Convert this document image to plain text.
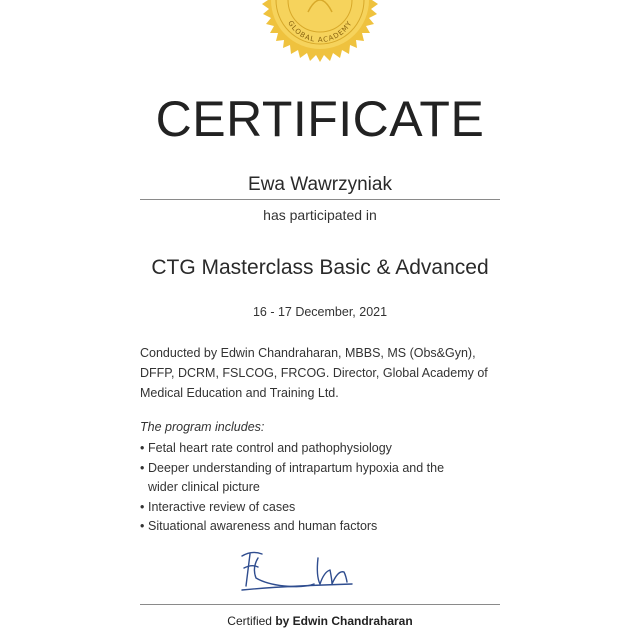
GLOBAL ACADEMY
CERTIFICATE
Ewa Wawrzyniak
has participated in
CTG Masterclass Basic & Advanced
16 - 17 December, 2021
Conducted by Edwin Chandraharan, MBBS, MS (Obs&Gyn), DFFP, DCRM, FSLCOG, FRCOG. Director, Global Academy of Medical Education and Training Ltd.
The program includes:
• Fetal heart rate control and pathophysiology
• Deeper understanding of intrapartum hypoxia and the wider clinical picture
• Interactive review of cases
• Situational awareness and human factors
Certified by Edwin Chandraharan
